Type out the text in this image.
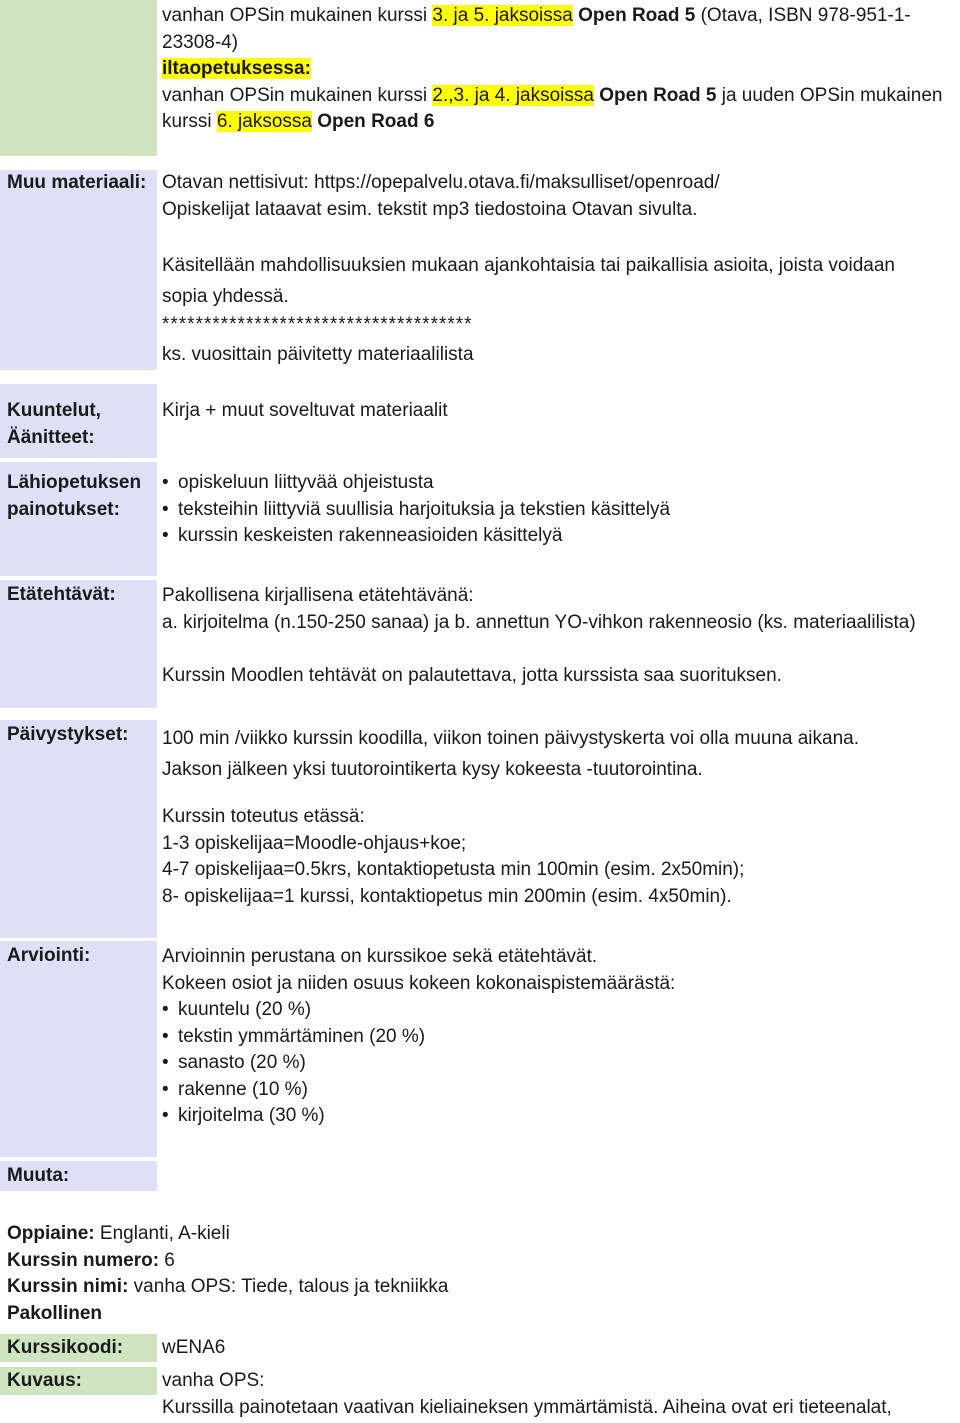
vanhan OPSin mukainen kurssi 3. ja 5. jaksoissa Open Road 5 (Otava, ISBN 978-951-1-
23308-4)
iltaopetuksessa:
vanhan OPSin mukainen kurssi 2.,3. ja 4. jaksoissa Open Road 5 ja uuden OPSin mukainen
kurssi 6. jaksossa Open Road 6
Muu materiaali: Otavan nettisivut: https://opepalvelu.otava.fi/maksulliset/openroad/
Opiskelijat lataavat esim. tekstit mp3 tiedostoina Otavan sivulta.
Käsitellään mahdollisuuksien mukaan ajankohtaisia tai paikallisia asioita, joista voidaan
sopia yhdessä.
*************************************
ks. vuosittain päivitetty materiaalilista
Kuuntelut,
Äänitteet:
Kirja + muut soveltuvat materiaalit
Lähiopetuksen
painotukset:
• opiskeluun liittyvää ohjeistusta
• teksteihin liittyviä suullisia harjoituksia ja tekstien käsittelyä
• kurssin keskeisten rakenneasioiden käsittelyä
Etätehtävät:	Pakollisena kirjallisena etätehtävänä:
a. kirjoitelma (n.150-250 sanaa) ja b. annettun YO-vihkon rakenneosio (ks. materiaalilista)
Kurssin Moodlen tehtävät on palautettava, jotta kurssista saa suorituksen.
Päivystykset:	100 min /viikko kurssin koodilla, viikon toinen päivystyskerta voi olla muuna aikana.
Jakson jälkeen yksi tuutorointikerta kysy kokeesta -tuutorointina.
Kurssin toteutus etässä:
1-3 opiskelijaa=Moodle-ohjaus+koe;
4-7 opiskelijaa=0.5krs, kontaktiopetusta min 100min (esim. 2x50min);
8- opiskelijaa=1 kurssi, kontaktiopetus min 200min (esim. 4x50min).
Arviointi:	Arvioinnin perustana on kurssikoe sekä etätehtävät.
Kokeen osiot ja niiden osuus kokeen kokonaispistemäärästä:
• kuuntelu (20 %)
• tekstin ymmärtäminen (20 %)
• sanasto (20 %)
• rakenne (10 %)
• kirjoitelma (30 %)
Muuta:
Oppiaine: Englanti, A-kieli
Kurssin numero: 6
Kurssin nimi: vanha OPS: Tiede, talous ja tekniikka
Pakollinen
Kurssikoodi:	wENA6
Kuvaus:	vanha OPS:
Kurssilla painotetaan vaativan kieliaineksen ymmärtämistä. Aiheina ovat eri tieteenalat,
